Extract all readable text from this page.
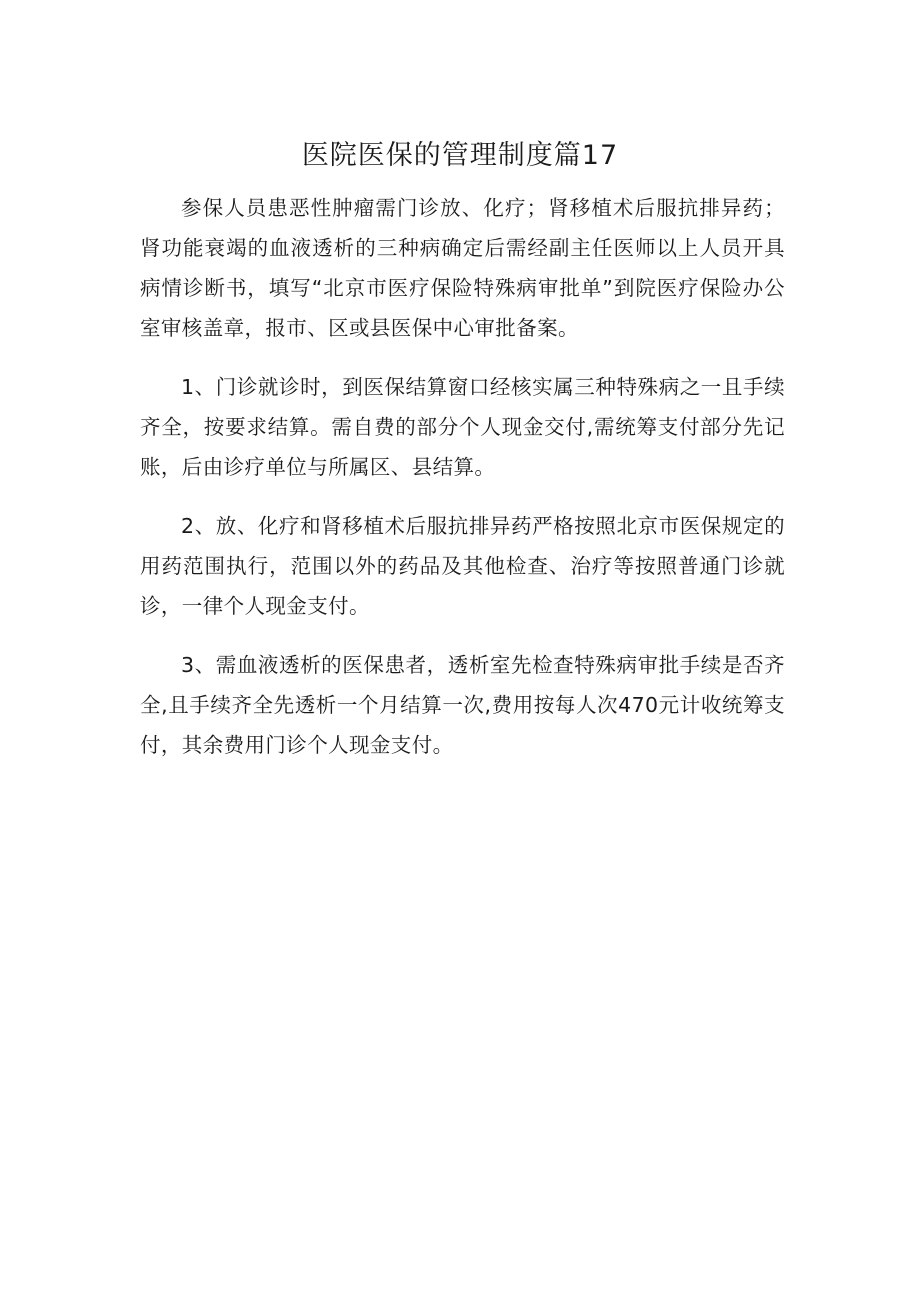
医院医保的管理制度篇17

参保人员患恶性肿瘤需门诊放、化疗；肾移植术后服抗排异药；肾功能衰竭的血液透析的三种病确定后需经副主任医师以上人员开具病情诊断书，填写“北京市医疗保险特殊病审批单”到院医疗保险办公室审核盖章，报市、区或县医保中心审批备案。

1、门诊就诊时，到医保结算窗口经核实属三种特殊病之一且手续齐全，按要求结算。需自费的部分个人现金交付,需统筹支付部分先记账，后由诊疗单位与所属区、县结算。

2、放、化疗和肾移植术后服抗排异药严格按照北京市医保规定的用药范围执行，范围以外的药品及其他检查、治疗等按照普通门诊就诊，一律个人现金支付。

3、需血液透析的医保患者，透析室先检查特殊病审批手续是否齐全,且手续齐全先透析一个月结算一次,费用按每人次470元计收统筹支付，其余费用门诊个人现金支付。
